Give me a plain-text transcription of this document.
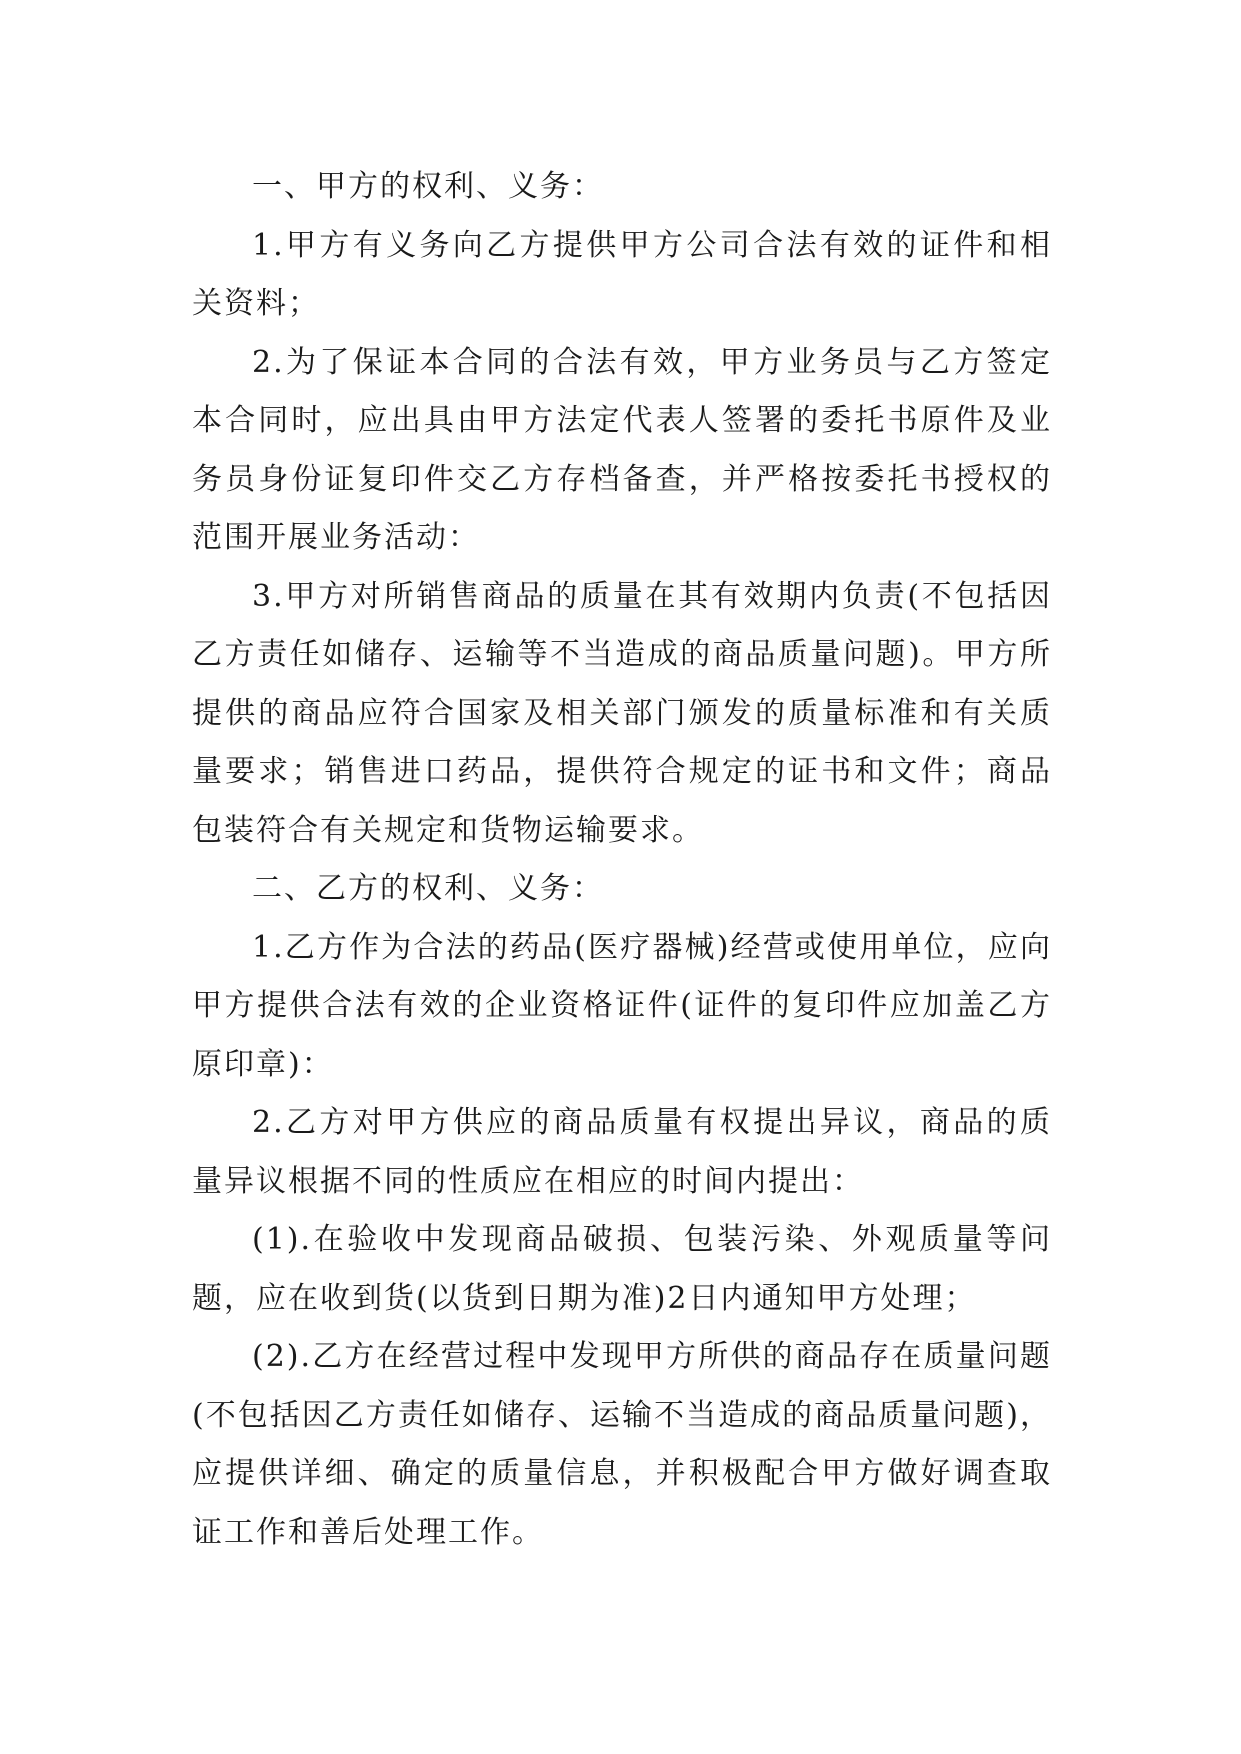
一、甲方的权利、义务：

1.甲方有义务向乙方提供甲方公司合法有效的证件和相关资料；

2.为了保证本合同的合法有效，甲方业务员与乙方签定本合同时，应出具由甲方法定代表人签署的委托书原件及业务员身份证复印件交乙方存档备查，并严格按委托书授权的范围开展业务活动：

3.甲方对所销售商品的质量在其有效期内负责(不包括因乙方责任如储存、运输等不当造成的商品质量问题)。甲方所提供的商品应符合国家及相关部门颁发的质量标准和有关质量要求；销售进口药品，提供符合规定的证书和文件；商品包装符合有关规定和货物运输要求。

二、乙方的权利、义务：

1.乙方作为合法的药品(医疗器械)经营或使用单位，应向甲方提供合法有效的企业资格证件(证件的复印件应加盖乙方原印章)：

2.乙方对甲方供应的商品质量有权提出异议，商品的质量异议根据不同的性质应在相应的时间内提出：

(1).在验收中发现商品破损、包装污染、外观质量等问题，应在收到货(以货到日期为准)2日内通知甲方处理；

(2).乙方在经营过程中发现甲方所供的商品存在质量问题(不包括因乙方责任如储存、运输不当造成的商品质量问题)，应提供详细、确定的质量信息，并积极配合甲方做好调查取证工作和善后处理工作。
